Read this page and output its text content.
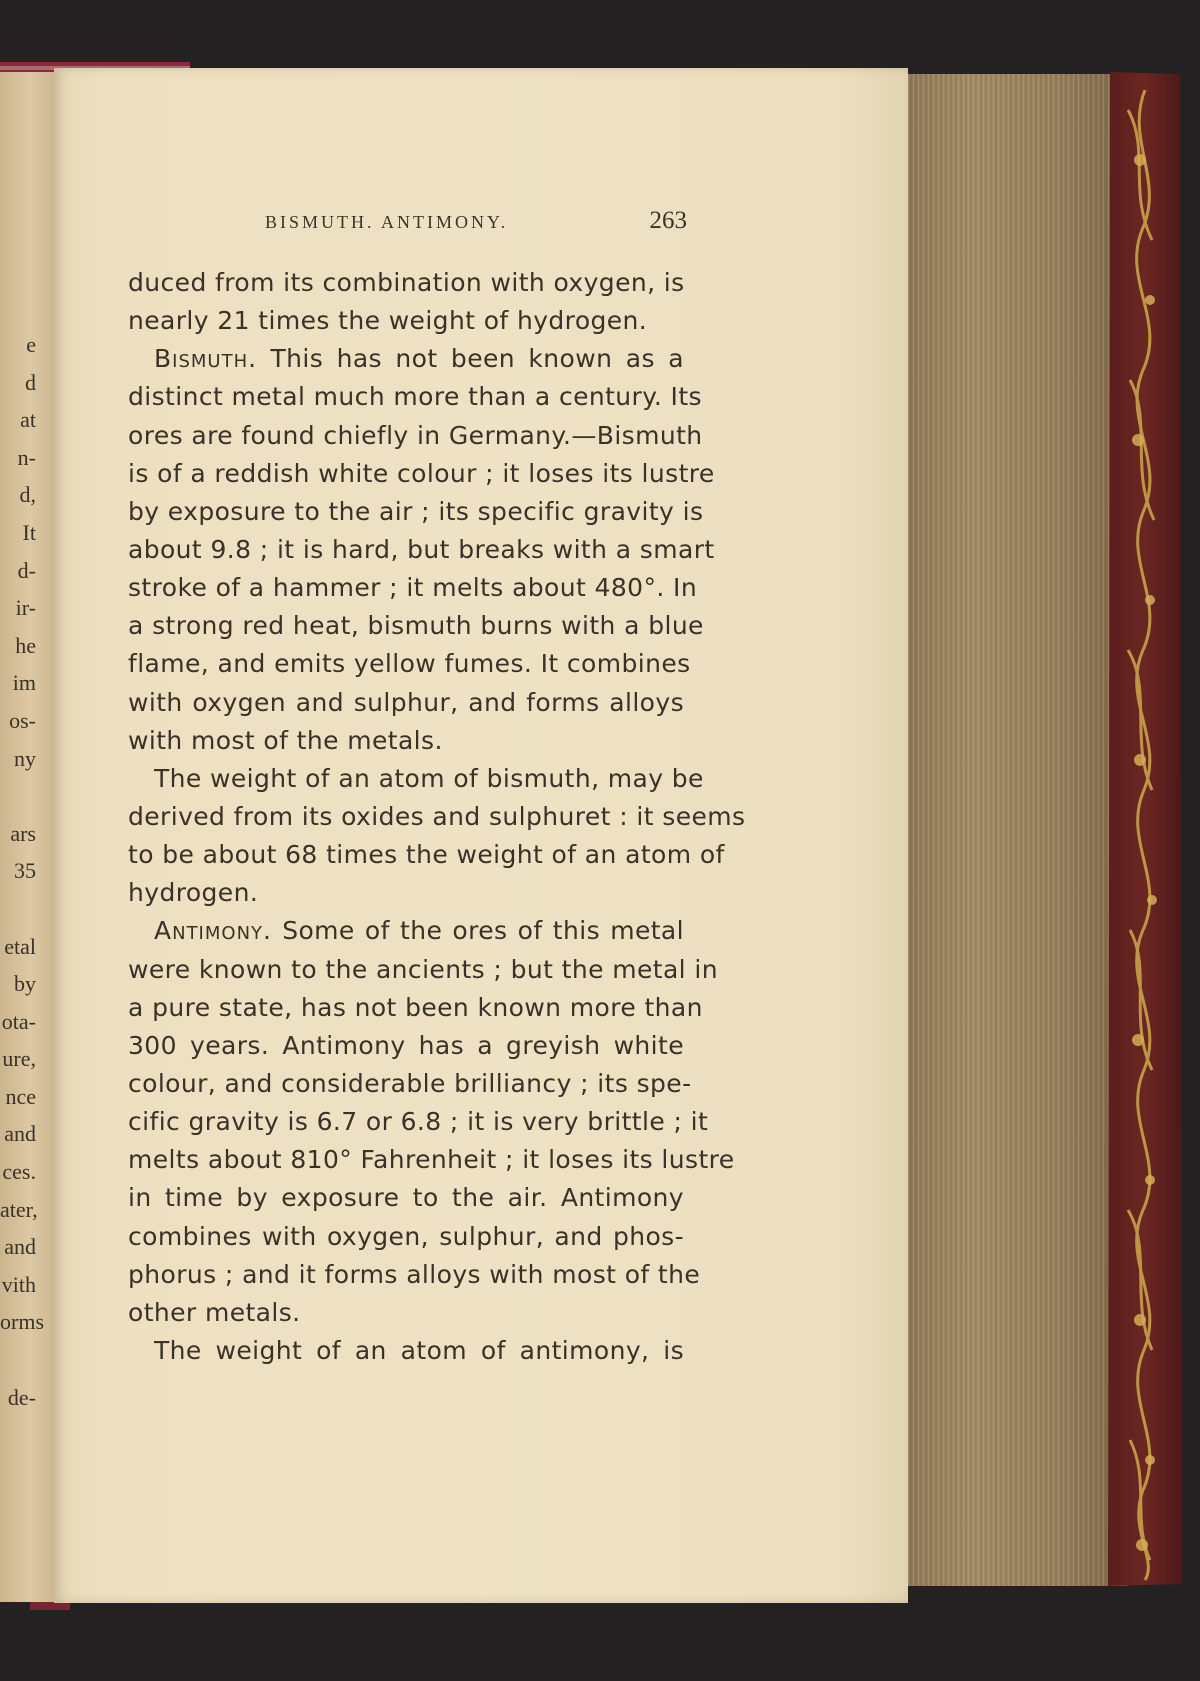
e
d
at
n-
d,
It
d-
ir-
he
im
os-
ny
ars
35
etal
by
ota-
ure,
nce
and
ces.
ater,
and
vith
orms
de-
BISMUTH. ANTIMONY.	263
duced from its combination with oxygen, is
nearly 21 times the weight of hydrogen.
Bismuth. This has not been known as a
distinct metal much more than a century. Its
ores are found chiefly in Germany.—Bismuth
is of a reddish white colour ; it loses its lustre
by exposure to the air ; its specific gravity is
about 9.8 ; it is hard, but breaks with a smart
stroke of a hammer ; it melts about 480°. In
a strong red heat, bismuth burns with a blue
flame, and emits yellow fumes. It combines
with oxygen and sulphur, and forms alloys
with most of the metals.
The weight of an atom of bismuth, may be
derived from its oxides and sulphuret : it seems
to be about 68 times the weight of an atom of
hydrogen.
Antimony. Some of the ores of this metal
were known to the ancients ; but the metal in
a pure state, has not been known more than
300 years. Antimony has a greyish white
colour, and considerable brilliancy ; its spe-
cific gravity is 6.7 or 6.8 ; it is very brittle ; it
melts about 810° Fahrenheit ; it loses its lustre
in time by exposure to the air. Antimony
combines with oxygen, sulphur, and phos-
phorus ; and it forms alloys with most of the
other metals.
The weight of an atom of antimony, is
